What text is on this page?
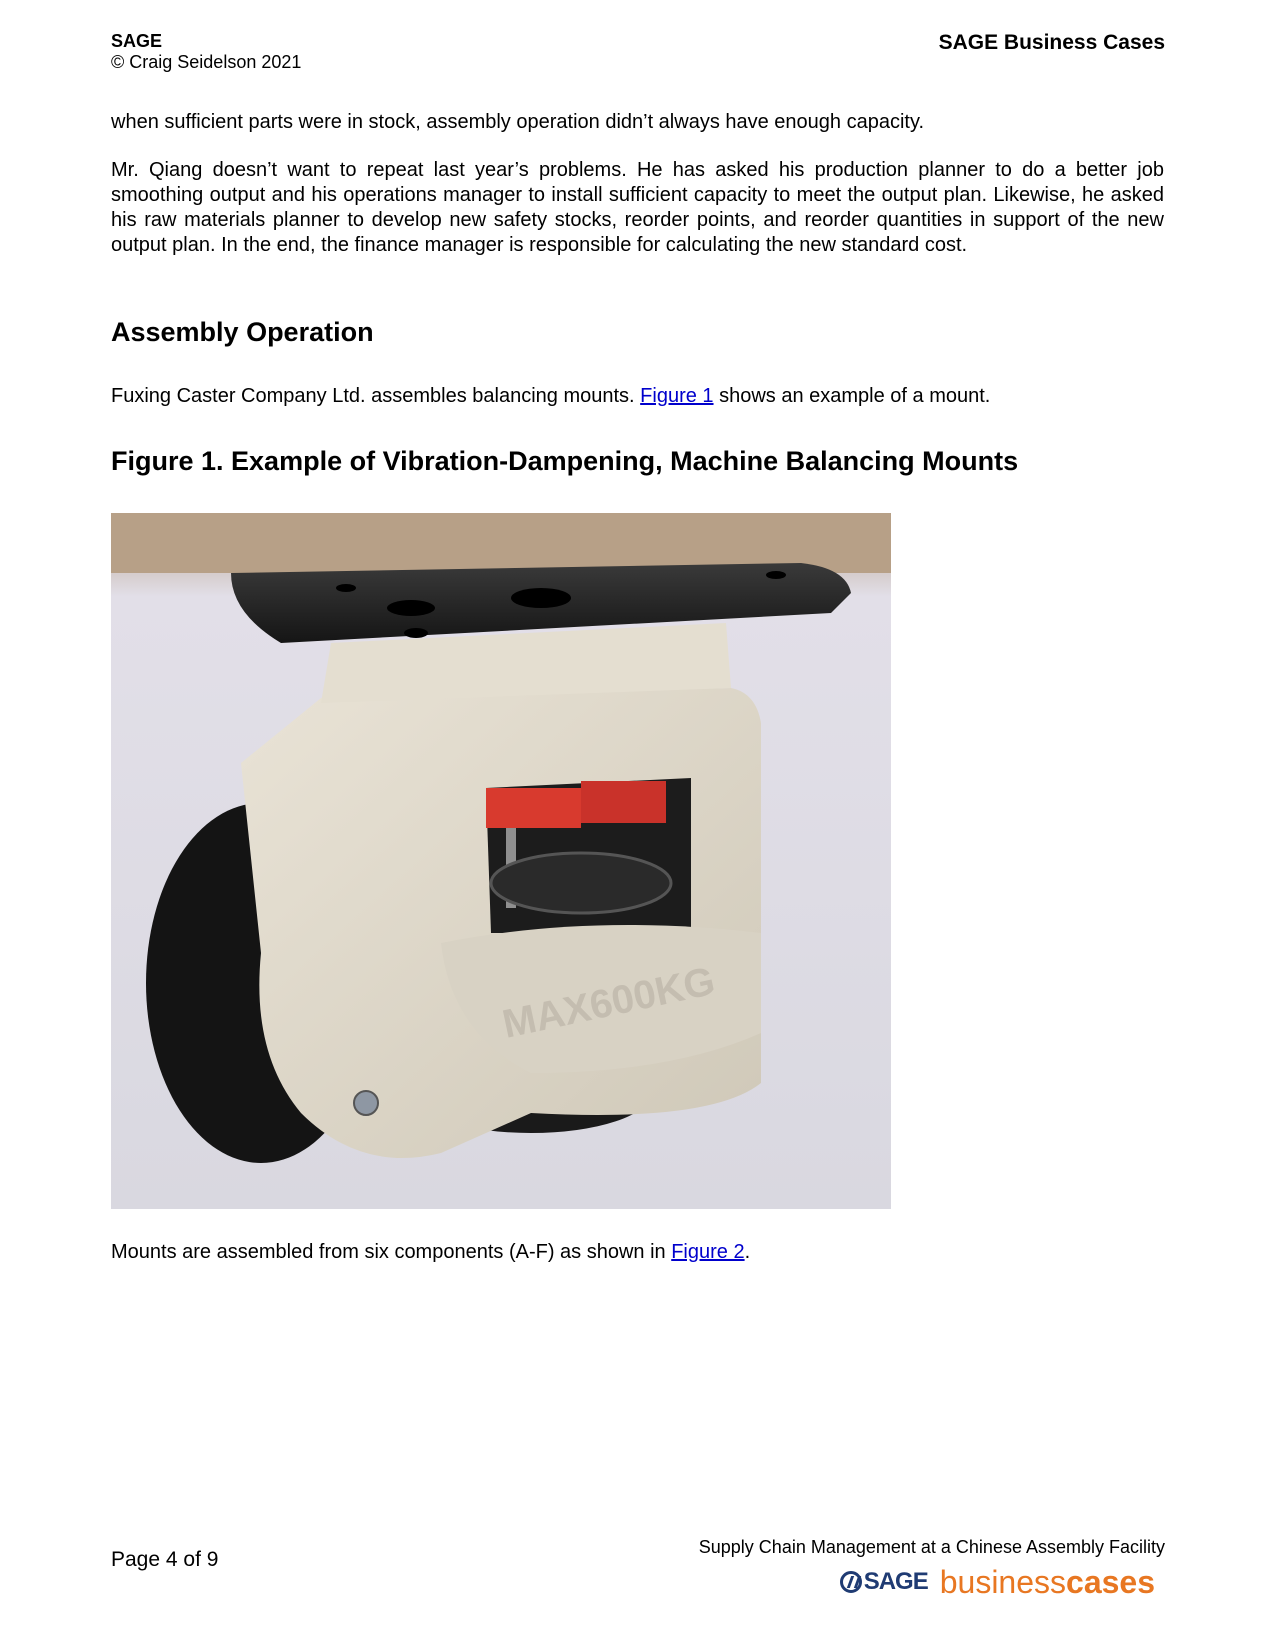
SAGE
© Craig Seidelson 2021
SAGE Business Cases

when sufficient parts were in stock, assembly operation didn’t always have enough capacity.

Mr. Qiang doesn’t want to repeat last year’s problems. He has asked his production planner to do a better job smoothing output and his operations manager to install sufficient capacity to meet the output plan. Likewise, he asked his raw materials planner to develop new safety stocks, reorder points, and reorder quantities in support of the new output plan. In the end, the finance manager is responsible for calculating the new standard cost.

Assembly Operation

Fuxing Caster Company Ltd. assembles balancing mounts. Figure 1 shows an example of a mount.

Figure 1. Example of Vibration-Dampening, Machine Balancing Mounts
MAX600KG

Mounts are assembled from six components (A-F) as shown in Figure 2.

Page 4 of 9
Supply Chain Management at a Chinese Assembly Facility
SAGE businesscases
